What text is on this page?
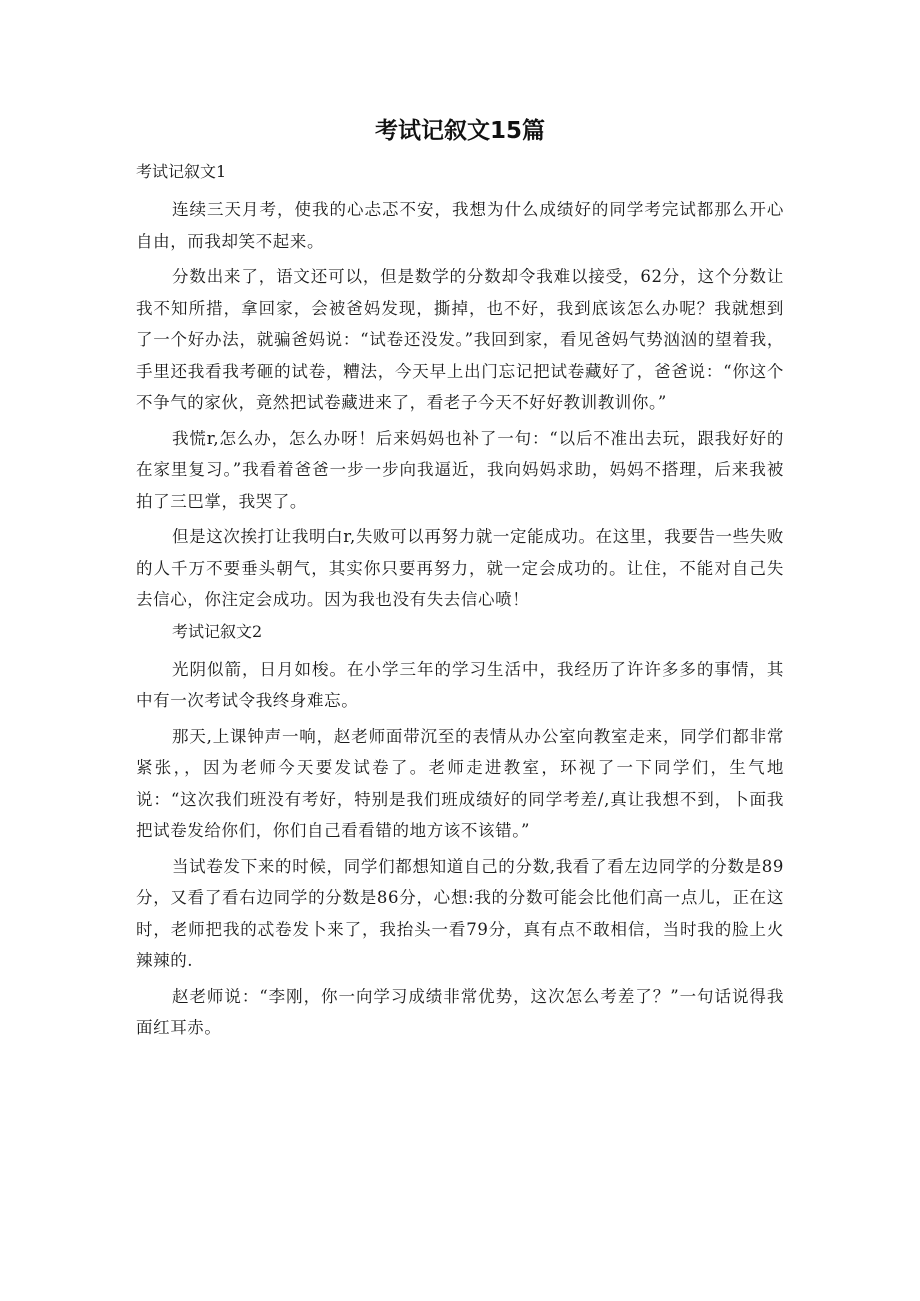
考试记叙文15篇
考试记叙文1

连续三天月考，使我的心忐忑不安，我想为什么成绩好的同学考完试都那么开心自由，而我却笑不起来。

分数出来了，语文还可以，但是数学的分数却令我难以接受，62分，这个分数让我不知所措，拿回家，会被爸妈发现，撕掉，也不好，我到底该怎么办呢？我就想到了一个好办法，就骗爸妈说：“试卷还没发。”我回到家，看见爸妈气势汹汹的望着我，手里还我看我考砸的试卷，糟法，今天早上出门忘记把试卷藏好了，爸爸说：“你这个不争气的家伙，竟然把试卷藏进来了，看老子今天不好好教训教训你。”

我慌r,怎么办，怎么办呀！后来妈妈也补了一句：“以后不准出去玩，跟我好好的在家里复习。”我看着爸爸一步一步向我逼近，我向妈妈求助，妈妈不搭理，后来我被拍了三巴掌，我哭了。

但是这次挨打让我明白r,失败可以再努力就一定能成功。在这里，我要告一些失败的人千万不要垂头朝气，其实你只要再努力，就一定会成功的。让住，不能对自己失去信心，你注定会成功。因为我也没有失去信心喷！

考试记叙文2

光阴似箭，日月如梭。在小学三年的学习生活中，我经历了许许多多的事情，其中有一次考试令我终身难忘。

那天,上课钟声一响，赵老师面带沉至的表情从办公室向教室走来，同学们都非常紧张，，因为老师今天要发试卷了。老师走进教室，环视了一下同学们，生气地说：“这次我们班没有考好，特别是我们班成绩好的同学考差/,真让我想不到，卜面我把试卷发给你们，你们自己看看错的地方该不该错。”

当试卷发下来的时候，同学们都想知道自己的分数,我看了看左边同学的分数是89分，又看了看右边同学的分数是86分，心想:我的分数可能会比他们高一点儿，正在这时，老师把我的忒卷发卜来了，我抬头一看79分，真有点不敢相信，当时我的脸上火辣辣的.

赵老师说：“李刚，你一向学习成绩非常优势，这次怎么考差了？”一句话说得我面红耳赤。
